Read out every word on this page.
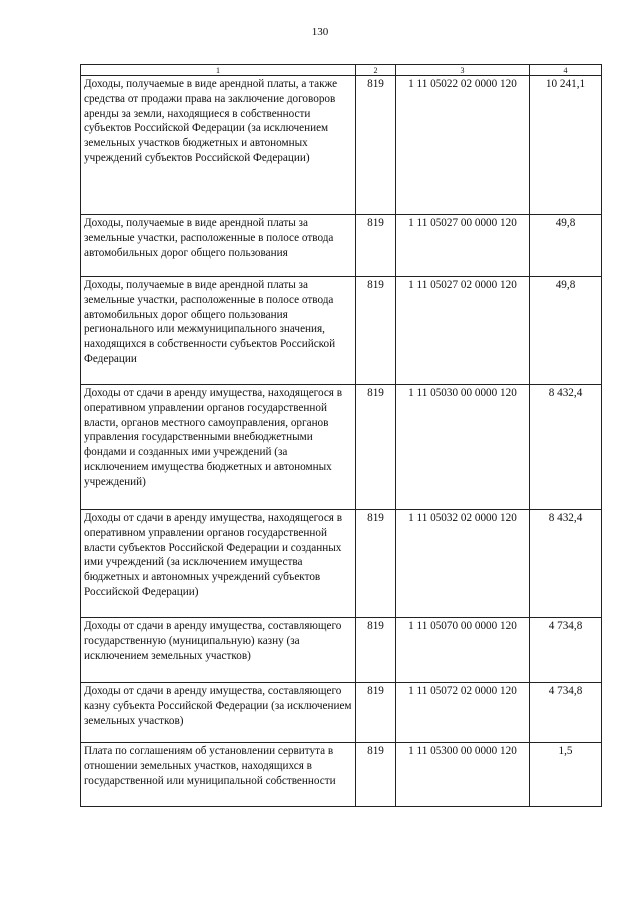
130
1	2	3	4
Доходы, получаемые в виде арендной платы, а также средства от продажи права на заключение договоров аренды за земли, находящиеся в собственности субъектов Российской Федерации (за исключением земельных участков бюджетных и автономных учреждений субъектов Российской Федерации)	819	1 11 05022 02 0000 120	10 241,1
Доходы, получаемые в виде арендной платы за земельные участки, расположенные в полосе отвода автомобильных дорог общего пользования	819	1 11 05027 00 0000 120	49,8
Доходы, получаемые в виде арендной платы за земельные участки, расположенные в полосе отвода автомобильных дорог общего пользования регионального или межмуниципального значения, находящихся в собственности субъектов Российской Федерации	819	1 11 05027 02 0000 120	49,8
Доходы от сдачи в аренду имущества, находящегося в оперативном управлении органов государственной власти, органов местного самоуправления, органов управления государственными внебюджетными фондами и созданных ими учреждений (за исключением имущества бюджетных и автономных учреждений)	819	1 11 05030 00 0000 120	8 432,4
Доходы от сдачи в аренду имущества, находящегося в оперативном управлении органов государственной власти субъектов Российской Федерации и созданных ими учреждений (за исключением имущества бюджетных и автономных учреждений субъектов Российской Федерации)	819	1 11 05032 02 0000 120	8 432,4
Доходы от сдачи в аренду имущества, составляющего государственную (муниципальную) казну (за исключением земельных участков)	819	1 11 05070 00 0000 120	4 734,8
Доходы от сдачи в аренду имущества, составляющего казну субъекта Российской Федерации (за исключением земельных участков)	819	1 11 05072 02 0000 120	4 734,8
Плата по соглашениям об установлении сервитута в отношении земельных участков, находящихся в государственной или муниципальной собственности	819	1 11 05300 00 0000 120	1,5
